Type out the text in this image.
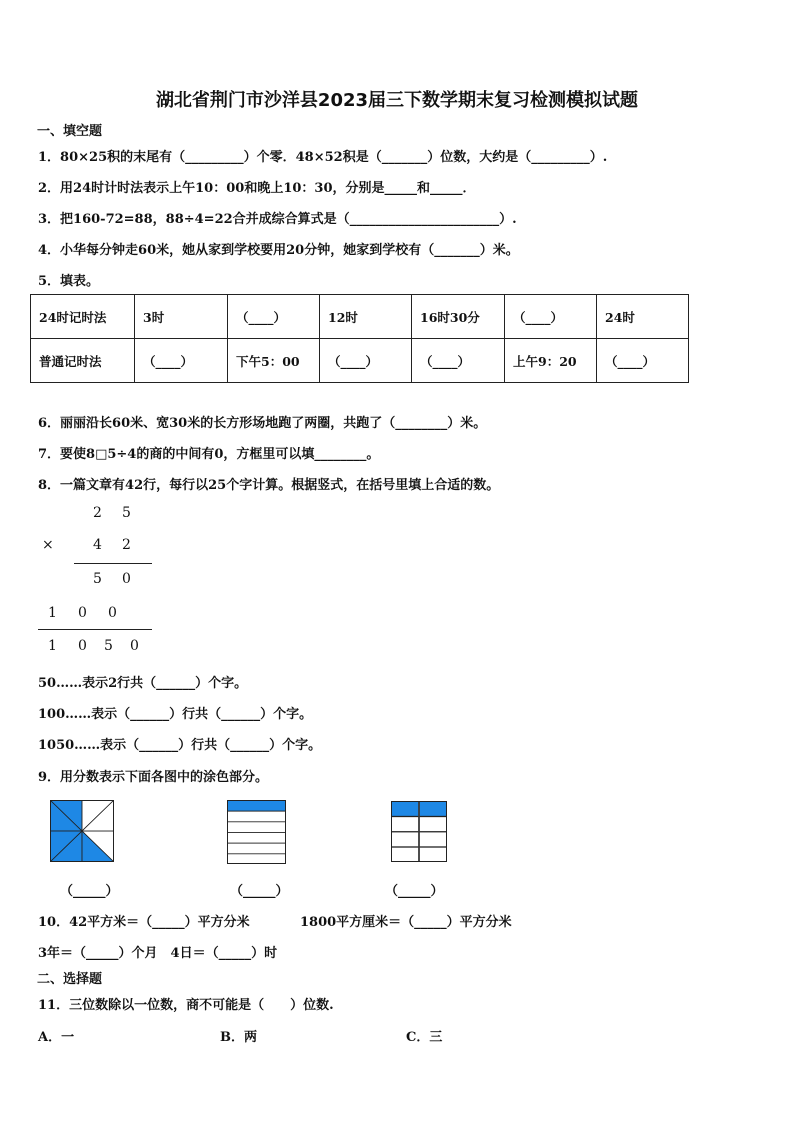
湖北省荆门市沙洋县2023届三下数学期末复习检测模拟试题
一、填空题
1．80×25积的末尾有（_________）个零．48×52积是（_______）位数，大约是（_________）.
2．用24时计时法表示上午10：00和晚上10：30，分别是_____和_____．
3．把160-72=88，88÷4=22合并成综合算式是（_______________________）.
4．小华每分钟走60米，她从家到学校要用20分钟，她家到学校有（_______）米。
5．填表。
24时记时法	3时	（____）	12时	16时30分	（____）	24时
普通记时法	（____）	下午5：00	（____）	（____）	上午9：20	（____）
6．丽丽沿长60米、宽30米的长方形场地跑了两圈，共跑了（________）米。
7．要使8□5÷4的商的中间有0，方框里可以填________。
8．一篇文章有42行，每行以25个字计算。根据竖式，在括号里填上合适的数。
2 5
×	4 2
5 0
1 0 0
1 0 5 0
50……表示2行共（______）个字。
100……表示（______）行共（______）个字。
1050……表示（______）行共（______）个字。
9．用分数表示下面各图中的涂色部分。
（_____）	（_____）	（_____）
10．42平方米＝（_____）平方分米	1800平方厘米＝（_____）平方分米
3年＝（_____）个月　4日＝（_____）时
二、选择题
11．三位数除以一位数，商不可能是（　　）位数.
A．一	B．两	C．三
